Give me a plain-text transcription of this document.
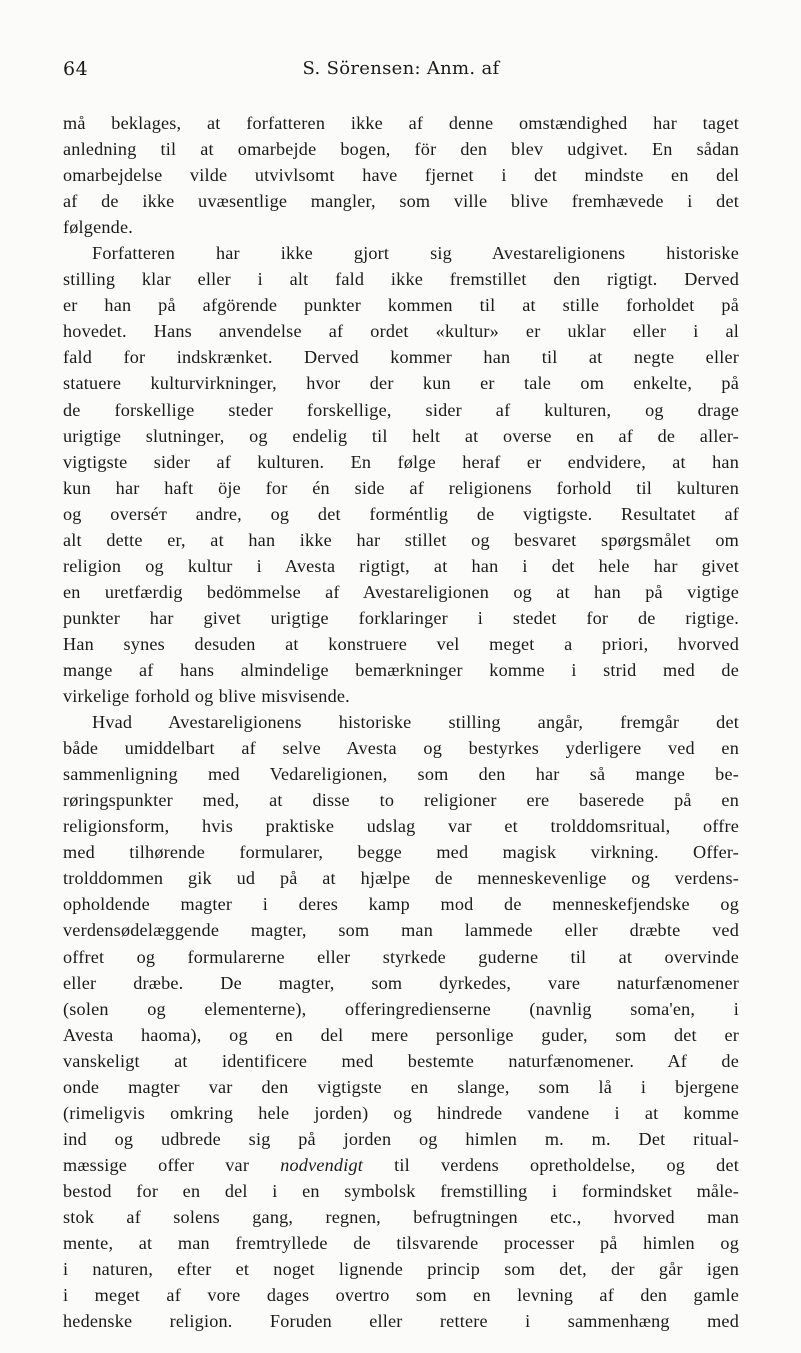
64	S. Sörensen: Anm. af
må beklages, at forfatteren ikke af denne omstændighed har taget
anledning til at omarbejde bogen, för den blev udgivet. En sådan
omarbejdelse vilde utvivlsomt have fjernet i det mindste en del
af de ikke uvæsentlige mangler, som ville blive fremhævede i det
følgende.
Forfatteren har ikke gjort sig Avestareligionens historiske
stilling klar eller i alt fald ikke fremstillet den rigtigt. Derved
er han på afgörende punkter kommen til at stille forholdet på
hovedet. Hans anvendelse af ordet «kultur» er uklar eller i al
fald for indskrænket. Derved kommer han til at negte eller
statuere kulturvirkninger, hvor der kun er tale om enkelte, på
de forskellige steder forskellige, sider af kulturen, og drage
urigtige slutninger, og endelig til helt at overse en af de aller-
vigtigste sider af kulturen. En følge heraf er endvidere, at han
kun har haft öje for én side af religionens forhold til kulturen
og overséт andre, og det forméntlig de vigtigste. Resultatet af
alt dette er, at han ikke har stillet og besvaret spørgsmålet om
religion og kultur i Avesta rigtigt, at han i det hele har givet
en uretfærdig bedömmelse af Avestareligionen og at han på vigtige
punkter har givet urigtige forklaringer i stedet for de rigtige.
Han synes desuden at konstruere vel meget a priori, hvorved
mange af hans almindelige bemærkninger komme i strid med de
virkelige forhold og blive misvisende.
Hvad Avestareligionens historiske stilling angår, fremgår det
både umiddelbart af selve Avesta og bestyrkes yderligere ved en
sammenligning med Vedareligionen, som den har så mange be-
røringspunkter med, at disse to religioner ere baserede på en
religionsform, hvis praktiske udslag var et trolddomsritual, offre
med tilhørende formularer, begge med magisk virkning. Offer-
trolddommen gik ud på at hjælpe de menneskevenlige og verdens-
opholdende magter i deres kamp mod de menneskefjendske og
verdensødelæggende magter, som man lammede eller dræbte ved
offret og formularerne eller styrkede guderne til at overvinde
eller dræbe. De magter, som dyrkedes, vare naturfænomener
(solen og elementerne), offeringredienserne (navnlig soma'en, i
Avesta haoma), og en del mere personlige guder, som det er
vanskeligt at identificere med bestemte naturfænomener. Af de
onde magter var den vigtigste en slange, som lå i bjergene
(rimeligvis omkring hele jorden) og hindrede vandene i at komme
ind og udbrede sig på jorden og himlen m. m. Det ritual-
mæssige offer var nodvendigt til verdens opretholdelse, og det
bestod for en del i en symbolsk fremstilling i formindsket måle-
stok af solens gang, regnen, befrugtningen etc., hvorved man
mente, at man fremtryllede de tilsvarende processer på himlen og
i naturen, efter et noget lignende princip som det, der går igen
i meget af vore dages overtro som en levning af den gamle
hedenske religion. Foruden eller rettere i sammenhæng med
